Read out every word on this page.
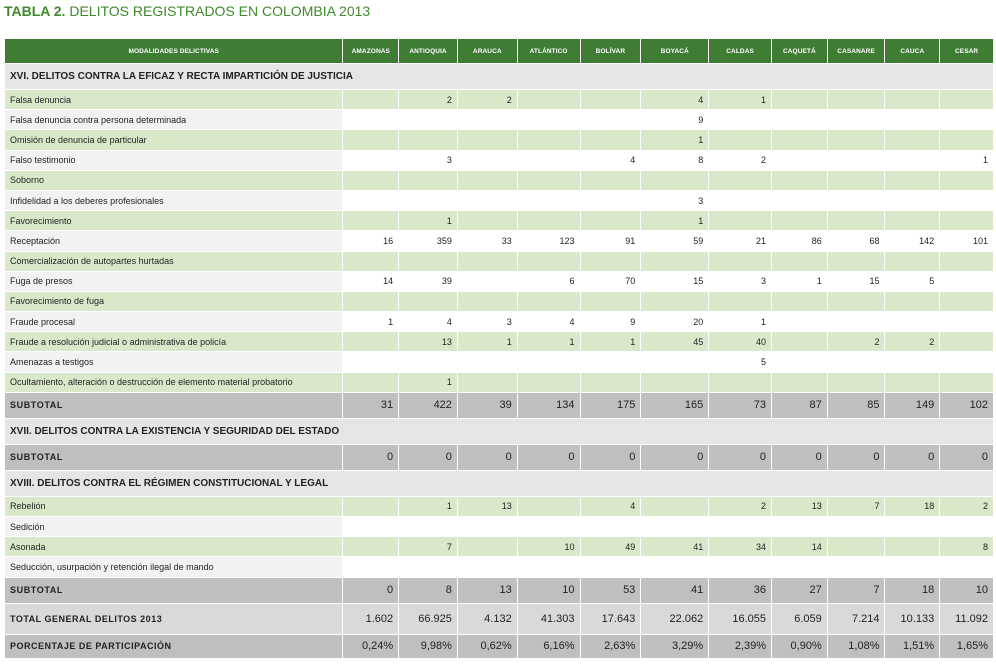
TABLA 2. DELITOS REGISTRADOS EN COLOMBIA 2013
MODALIDADES DELICTIVAS	AMAZONAS	ANTIOQUIA	ARAUCA	ATLÁNTICO	BOLÍVAR	BOYACÁ	CALDAS	CAQUETÁ	CASANARE	CAUCA	CESAR
XVI. DELITOS CONTRA LA EFICAZ Y RECTA IMPARTICIÓN DE JUSTICIA											
Falsa denuncia		2	2			4	1				
Falsa denuncia contra persona determinada						9					
Omisión de denuncia de particular						1					
Falso testimonio		3			4	8	2				1
Soborno											
Infidelidad a los deberes profesionales						3					
Favorecimiento		1				1					
Receptación	16	359	33	123	91	59	21	86	68	142	101
Comercialización de autopartes hurtadas											
Fuga de presos	14	39		6	70	15	3	1	15	5	
Favorecimiento de fuga											
Fraude procesal	1	4	3	4	9	20	1				
Fraude a resolución judicial o administrativa de policía		13	1	1	1	45	40		2	2	
Amenazas a testigos							5				
Ocultamiento, alteración o destrucción de elemento material probatorio		1									
SUBTOTAL	31	422	39	134	175	165	73	87	85	149	102
XVII. DELITOS CONTRA LA EXISTENCIA Y SEGURIDAD DEL ESTADO											
SUBTOTAL	0	0	0	0	0	0	0	0	0	0	0
XVIII. DELITOS CONTRA EL RÉGIMEN CONSTITUCIONAL Y LEGAL											
Rebelión		1	13		4		2	13	7	18	2
Sedición											
Asonada		7		10	49	41	34	14			8
Seducción, usurpación y retención ilegal de mando											
SUBTOTAL	0	8	13	10	53	41	36	27	7	18	10
TOTAL GENERAL DELITOS 2013	1.602	66.925	4.132	41.303	17.643	22.062	16.055	6.059	7.214	10.133	11.092
PORCENTAJE DE PARTICIPACIÓN	0,24%	9,98%	0,62%	6,16%	2,63%	3,29%	2,39%	0,90%	1,08%	1,51%	1,65%
